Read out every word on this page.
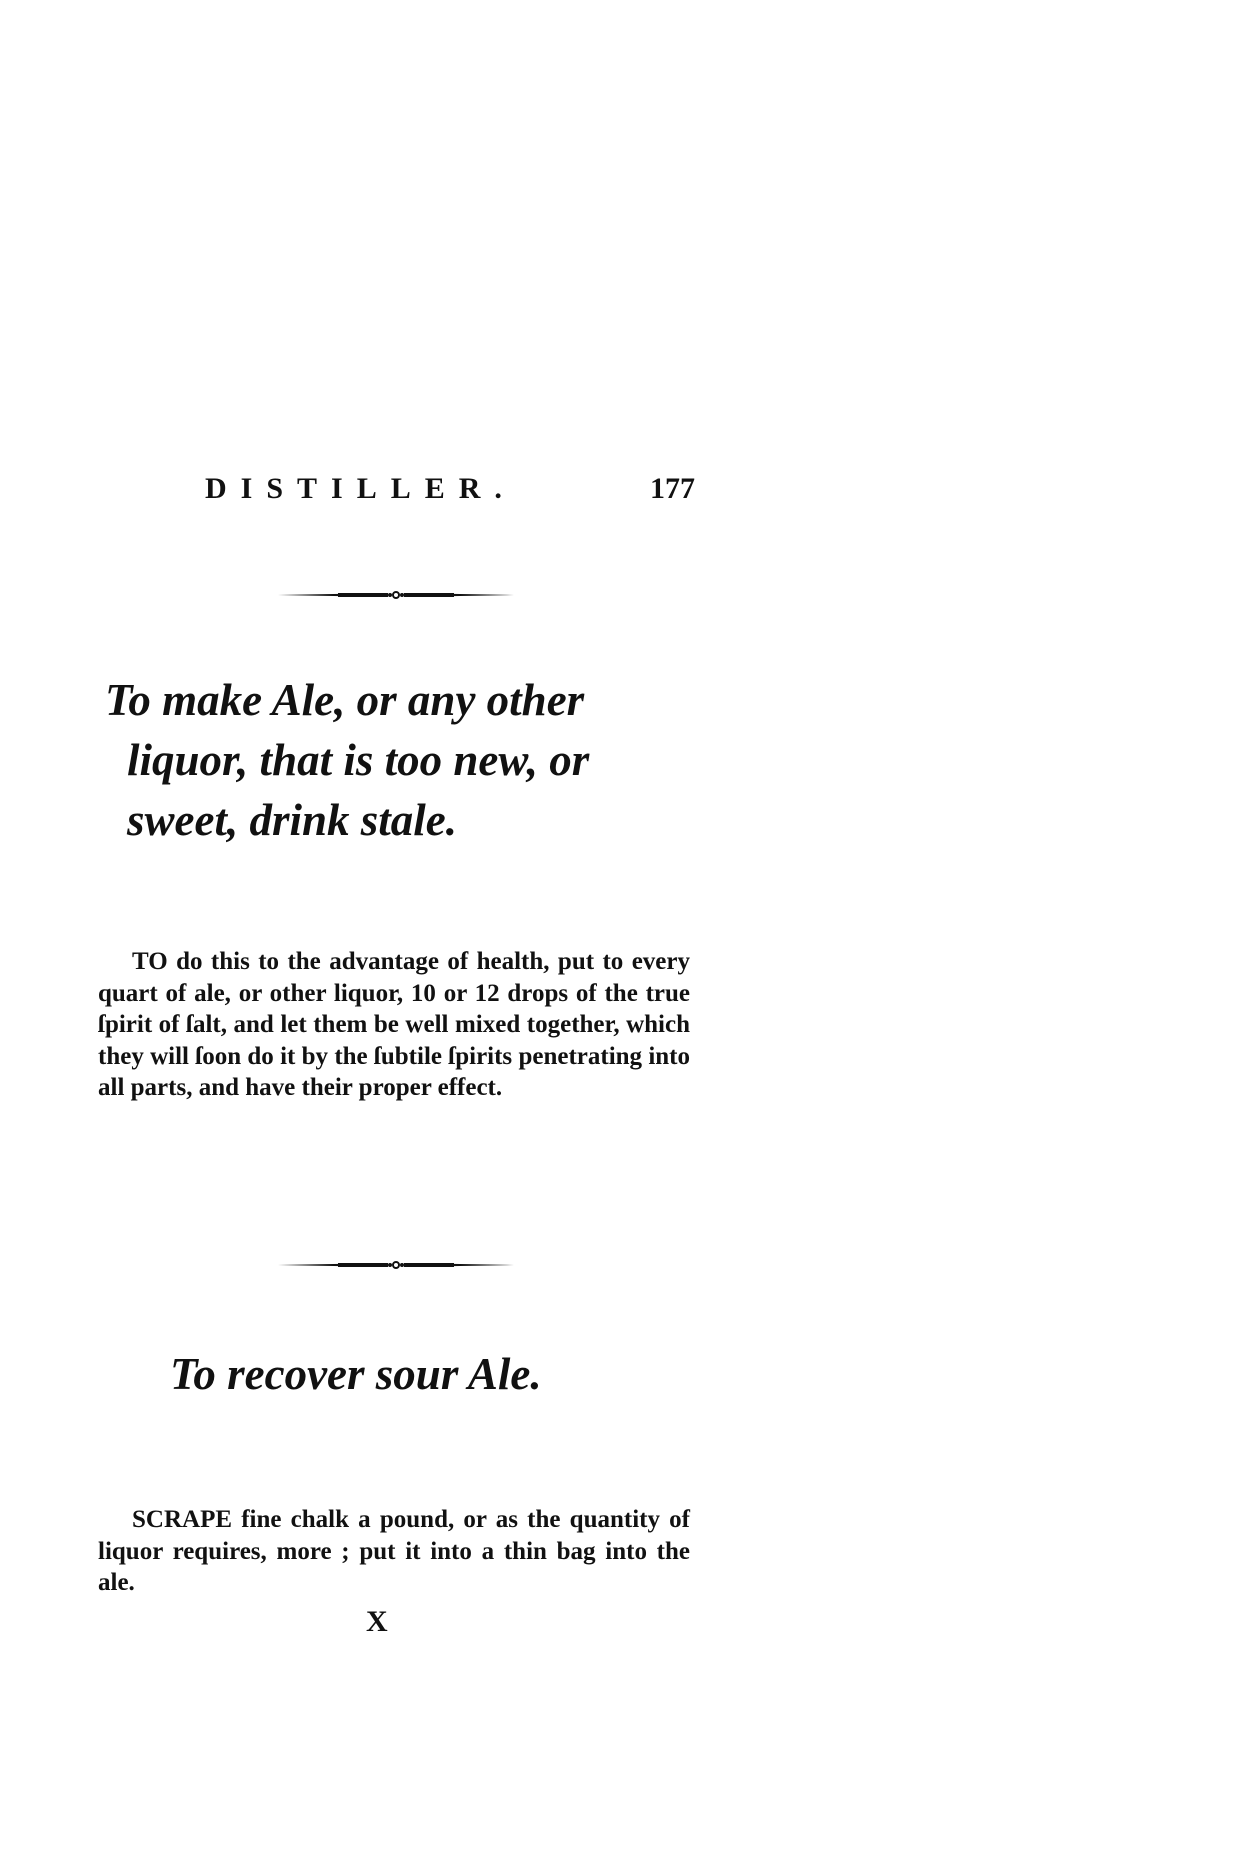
DISTILLER.	177
To make Ale, or any other
liquor, that is too new, or
sweet, drink stale.

TO do this to the advantage of health, put to every quart of ale, or other liquor, 10 or 12 drops of the true ſpirit of ſalt, and let them be well mixed together, which they will ſoon do it by the ſubtile ſpirits penetrating into all parts, and have their proper effect.

To recover sour Ale.

SCRAPE fine chalk a pound, or as the quantity of liquor requires, more ; put it into a thin bag into the ale.

X
